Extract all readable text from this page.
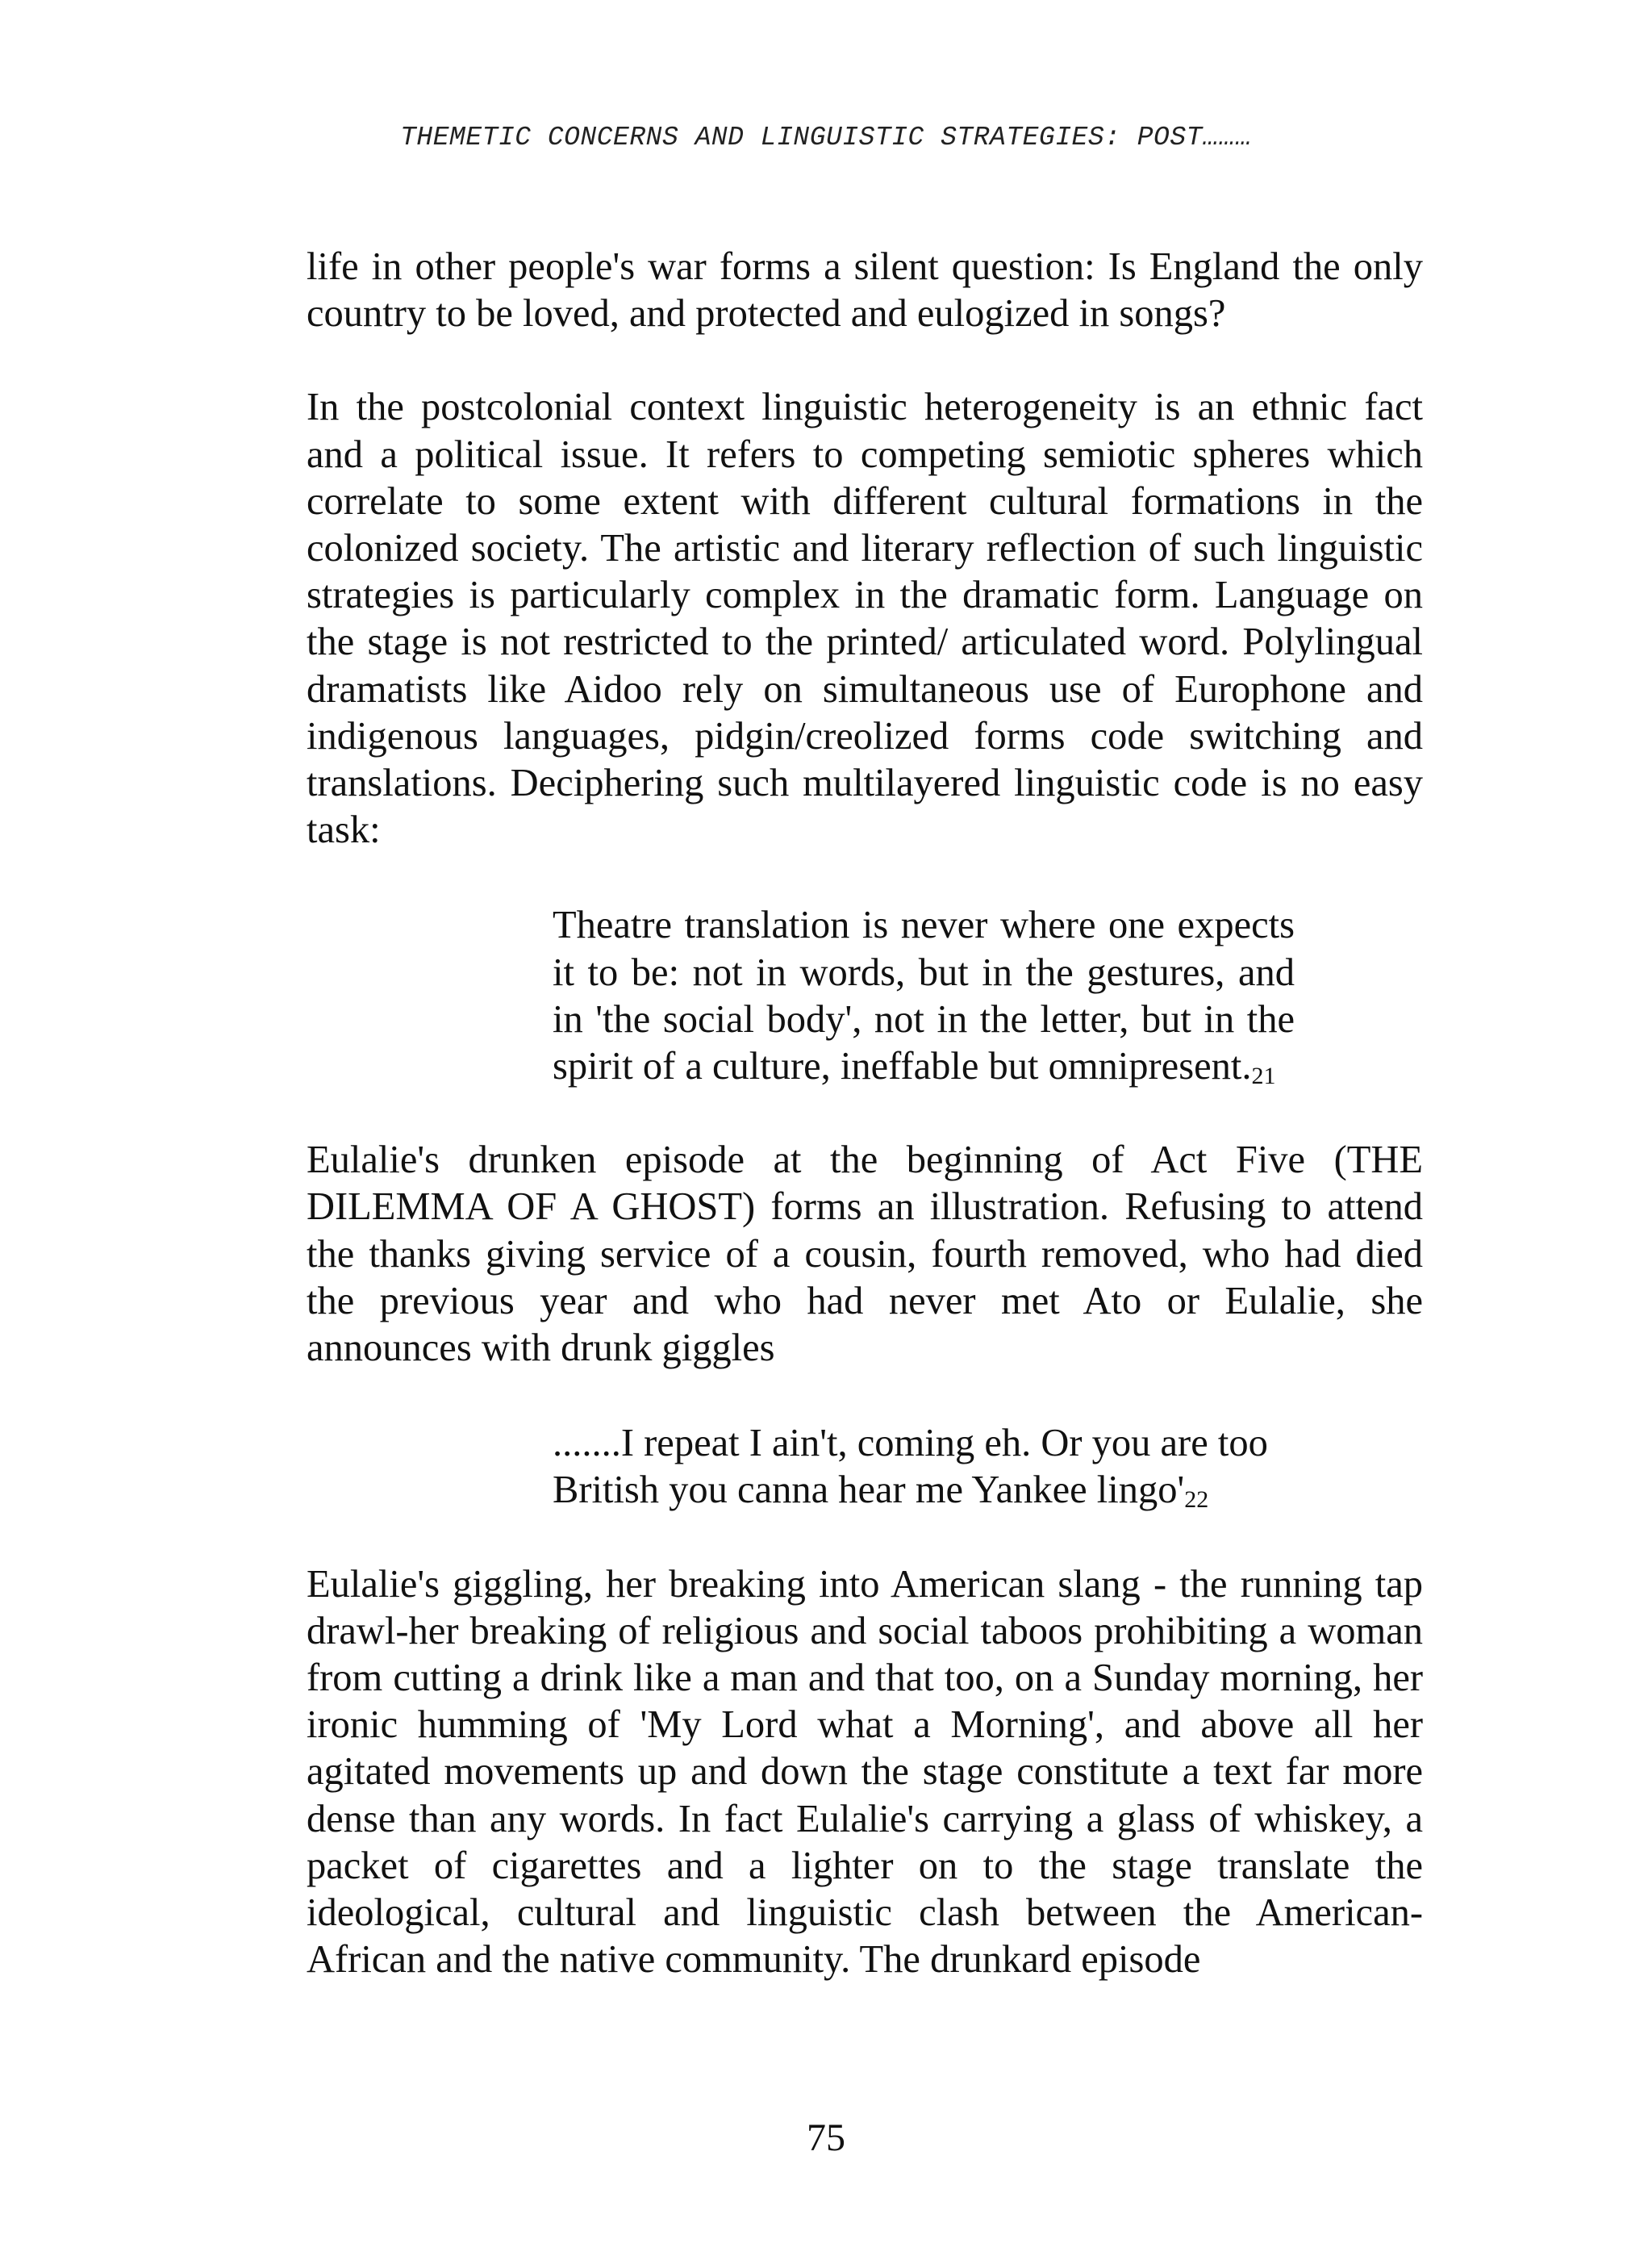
THEMETIC CONCERNS AND LINGUISTIC STRATEGIES: POST………

life in other people's war forms a silent question: Is England the only country to be loved, and protected and eulogized in songs?

In the postcolonial context linguistic heterogeneity is an ethnic fact and a political issue. It refers to competing semiotic spheres which correlate to some extent with different cultural formations in the colonized society. The artistic and literary reflection of such linguistic strategies is particularly complex in the dramatic form. Language on the stage is not restricted to the printed/ articulated word. Polylingual dramatists like Aidoo rely on simultaneous use of Europhone and indigenous languages, pidgin/creolized forms code switching and translations. Deciphering such multilayered linguistic code is no easy task:

Theatre translation is never where one expects it to be: not in words, but in the gestures, and in 'the social body', not in the letter, but in the spirit of a culture, ineffable but omnipresent.21

Eulalie's drunken episode at the beginning of Act Five (THE DILEMMA OF A GHOST) forms an illustration. Refusing to attend the thanks giving service of a cousin, fourth removed, who had died the previous year and who had never met Ato or Eulalie, she announces with drunk giggles

.......I repeat I ain't, coming eh. Or you are too
British you canna hear me Yankee lingo'22

Eulalie's giggling, her breaking into American slang - the running tap drawl-her breaking of religious and social taboos prohibiting a woman from cutting a drink like a man and that too, on a Sunday morning, her ironic humming of 'My Lord what a Morning', and above all her agitated movements up and down the stage constitute a text far more dense than any words. In fact Eulalie's carrying a glass of whiskey, a packet of cigarettes and a lighter on to the stage translate the ideological, cultural and linguistic clash between the American-African and the native community. The drunkard episode

75
